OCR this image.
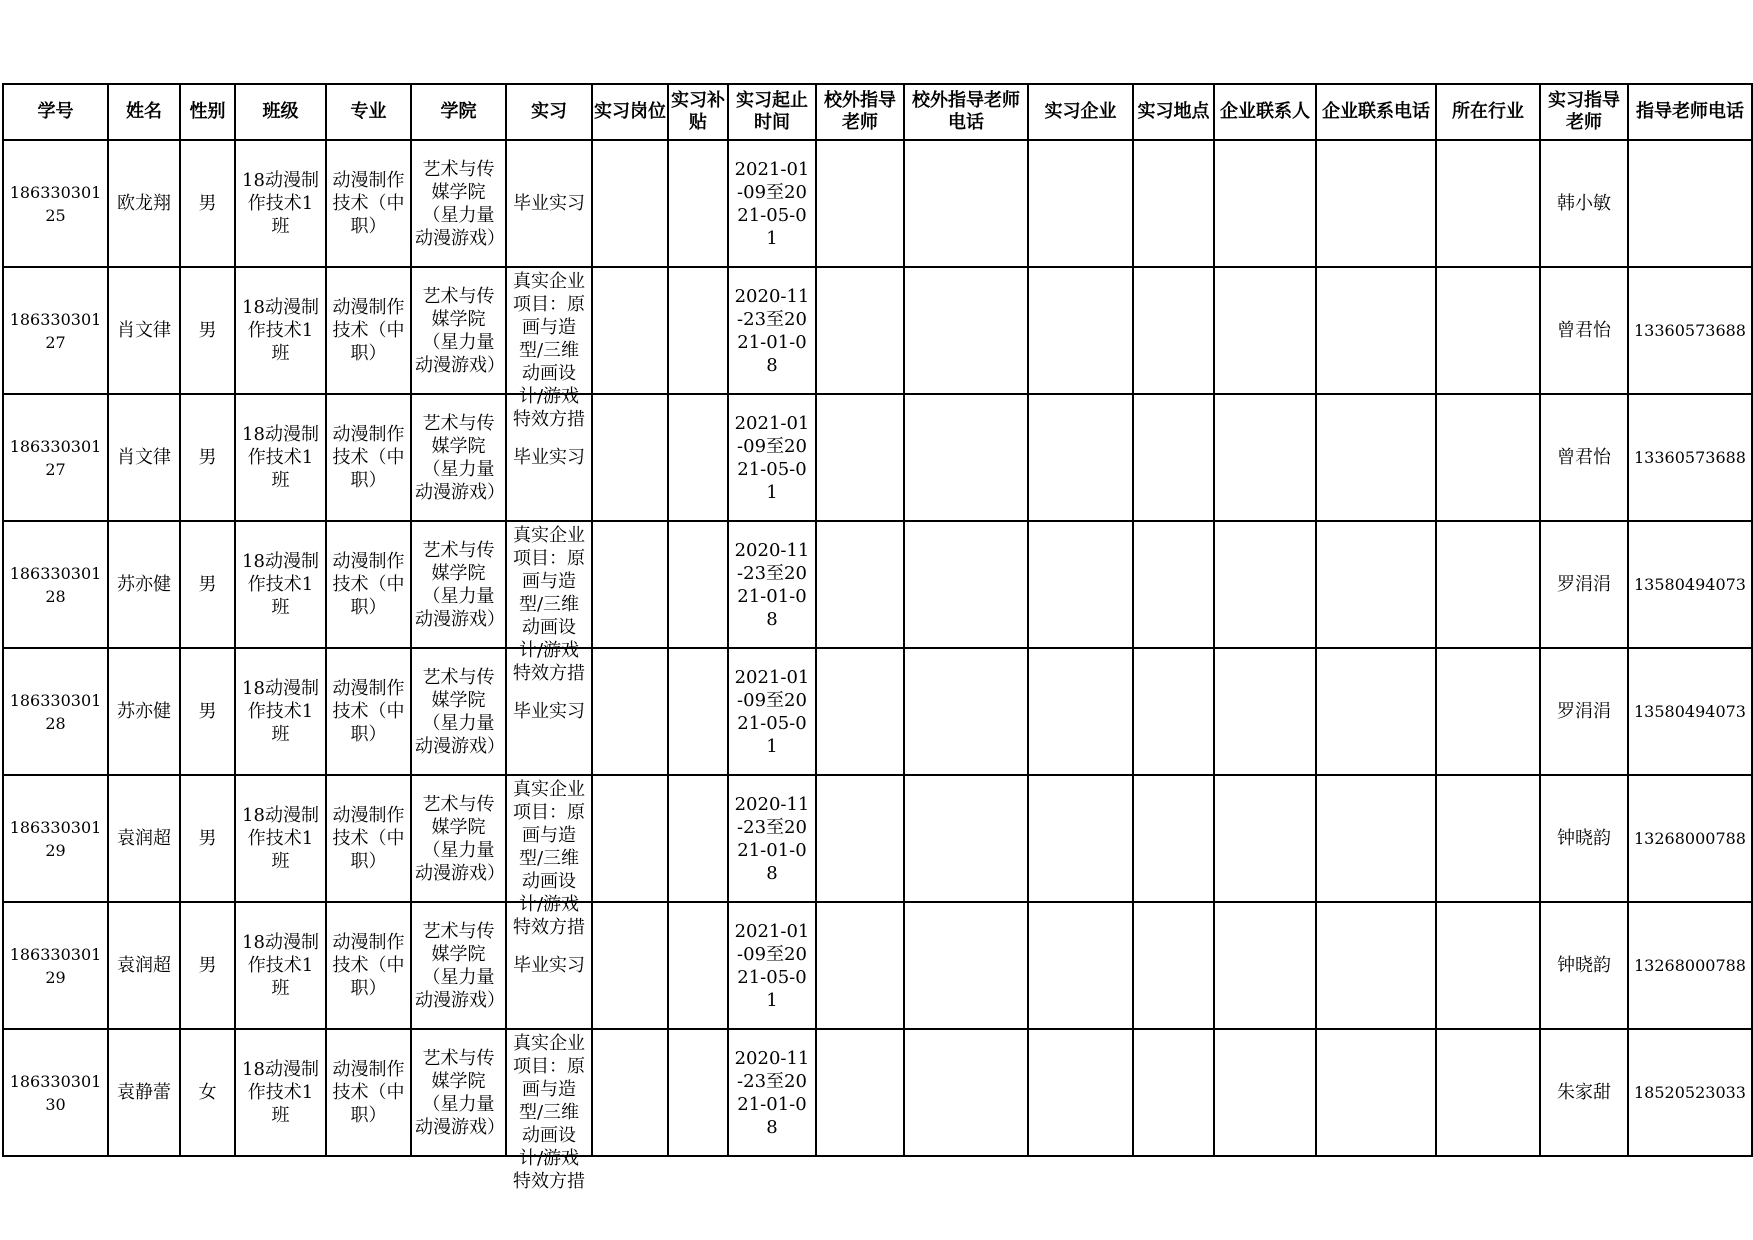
学号	姓名	性别	班级	专业	学院	实习	实习岗位	实习补贴	实习起止时间	校外指导老师	校外指导老师电话	实习企业	实习地点	企业联系人	企业联系电话	所在行业	实习指导老师	指导老师电话

18633030125	欧龙翔	男	18动漫制作技术1班	动漫制作技术（中职）	艺术与传媒学院（星力量动漫游戏）	毕业实习			2021-01-09至2021-05-01								韩小敏	

18633030127	肖文律	男	18动漫制作技术1班	动漫制作技术（中职）	艺术与传媒学院（星力量动漫游戏）	真实企业项目：原画与造型/三维动画设计/游戏特效方措			2020-11-23至2021-01-08								曾君怡	13360573688

18633030127	肖文律	男	18动漫制作技术1班	动漫制作技术（中职）	艺术与传媒学院（星力量动漫游戏）	毕业实习			2021-01-09至2021-05-01								曾君怡	13360573688

18633030128	苏亦健	男	18动漫制作技术1班	动漫制作技术（中职）	艺术与传媒学院（星力量动漫游戏）	真实企业项目：原画与造型/三维动画设计/游戏特效方措			2020-11-23至2021-01-08								罗涓涓	13580494073

18633030128	苏亦健	男	18动漫制作技术1班	动漫制作技术（中职）	艺术与传媒学院（星力量动漫游戏）	毕业实习			2021-01-09至2021-05-01								罗涓涓	13580494073

18633030129	袁润超	男	18动漫制作技术1班	动漫制作技术（中职）	艺术与传媒学院（星力量动漫游戏）	真实企业项目：原画与造型/三维动画设计/游戏特效方措			2020-11-23至2021-01-08								钟晓韵	13268000788

18633030129	袁润超	男	18动漫制作技术1班	动漫制作技术（中职）	艺术与传媒学院（星力量动漫游戏）	毕业实习			2021-01-09至2021-05-01								钟晓韵	13268000788

18633030130	袁静蕾	女	18动漫制作技术1班	动漫制作技术（中职）	艺术与传媒学院（星力量动漫游戏）	真实企业项目：原画与造型/三维动画设计/游戏特效方措			2020-11-23至2021-01-08								朱家甜	18520523033
